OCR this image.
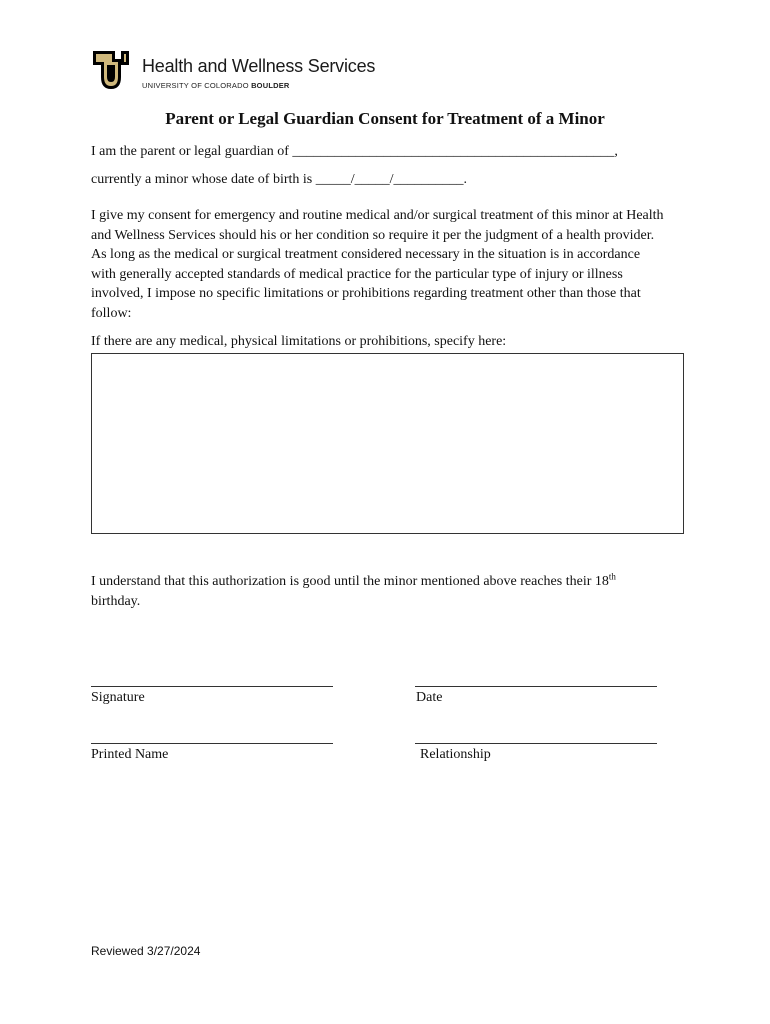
Health and Wellness Services
UNIVERSITY OF COLORADO BOULDER
Parent or Legal Guardian Consent for Treatment of a Minor
I am the parent or legal guardian of ______________________________________________,
currently a minor whose date of birth is _____/_____/__________.

I give my consent for emergency and routine medical and/or surgical treatment of this minor at Health and Wellness Services should his or her condition so require it per the judgment of a health provider. As long as the medical or surgical treatment considered necessary in the situation is in accordance with generally accepted standards of medical practice for the particular type of injury or illness involved, I impose no specific limitations or prohibitions regarding treatment other than those that follow:

If there are any medical, physical limitations or prohibitions, specify here:
I understand that this authorization is good until the minor mentioned above reaches their 18th
birthday.
Signature	Date
Printed Name	Relationship
Reviewed 3/27/2024
